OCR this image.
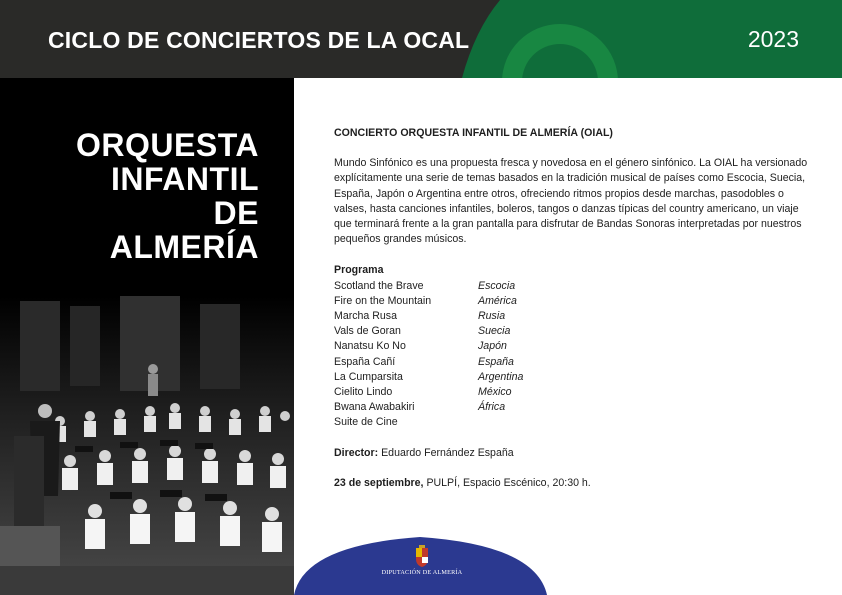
CICLO DE CONCIERTOS DE LA OCAL	2023
ORQUESTA
INFANTIL
DE
ALMERÍA
CONCIERTO ORQUESTA INFANTIL DE ALMERÍA (OIAL)
Mundo Sinfónico es una propuesta fresca y novedosa en el género sinfónico. La OIAL ha versionado explícitamente una serie de temas basados en la tradición musical de países como Escocia, Suecia, España, Japón o Argentina entre otros, ofreciendo ritmos propios desde marchas, pasodobles o valses, hasta canciones infantiles, boleros, tangos o danzas típicas del country americano, un viaje que terminará frente a la gran pantalla para disfrutar de Bandas Sonoras interpretadas por nuestros pequeños grandes músicos.
Programa
Scotland the Brave	Escocia
Fire on the Mountain	América
Marcha Rusa	Rusia
Vals de Goran	Suecia
Nanatsu Ko No	Japón
España Cañí	España
La Cumparsita	Argentina
Cielito Lindo	México
Bwana Awabakiri	África
Suite de Cine
Director: Eduardo Fernández España
23 de septiembre, PULPÍ, Espacio Escénico, 20:30 h.
DIPUTACIÓN DE ALMERÍA
